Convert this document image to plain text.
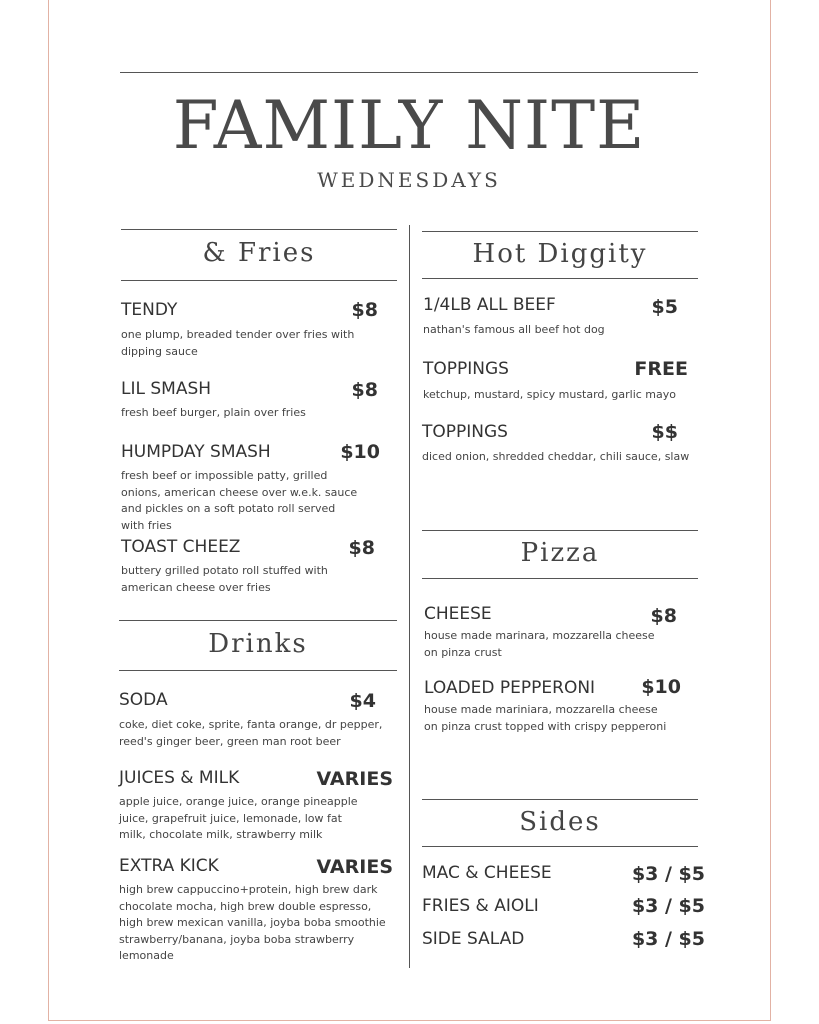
FAMILY NITE
WEDNESDAYS
& Fries
TENDY	$8
one plump, breaded tender over fries with dipping sauce
LIL SMASH	$8
fresh beef burger, plain over fries
HUMPDAY SMASH	$10
fresh beef or impossible patty, grilled onions, american cheese over w.e.k. sauce and pickles on a soft potato roll served with fries
TOAST CHEEZ	$8
buttery grilled potato roll stuffed with american cheese over fries
Drinks
SODA	$4
coke, diet coke, sprite, fanta orange, dr pepper, reed's ginger beer, green man root beer
JUICES & MILK	VARIES
apple juice, orange juice, orange pineapple juice, grapefruit juice, lemonade, low fat milk, chocolate milk, strawberry milk
EXTRA KICK	VARIES
high brew cappuccino+protein, high brew dark chocolate mocha, high brew double espresso, high brew mexican vanilla, joyba boba smoothie strawberry/banana, joyba boba strawberry lemonade
Hot Diggity
1/4LB ALL BEEF	$5
nathan's famous all beef hot dog
TOPPINGS	FREE
ketchup, mustard, spicy mustard, garlic mayo
TOPPINGS	$$
diced onion, shredded cheddar, chili sauce, slaw
Pizza
CHEESE	$8
house made marinara, mozzarella cheese on pinza crust
LOADED PEPPERONI	$10
house made mariniara, mozzarella cheese on pinza crust topped with crispy pepperoni
Sides
MAC & CHEESE	$3 / $5
FRIES & AIOLI	$3 / $5
SIDE SALAD	$3 / $5
